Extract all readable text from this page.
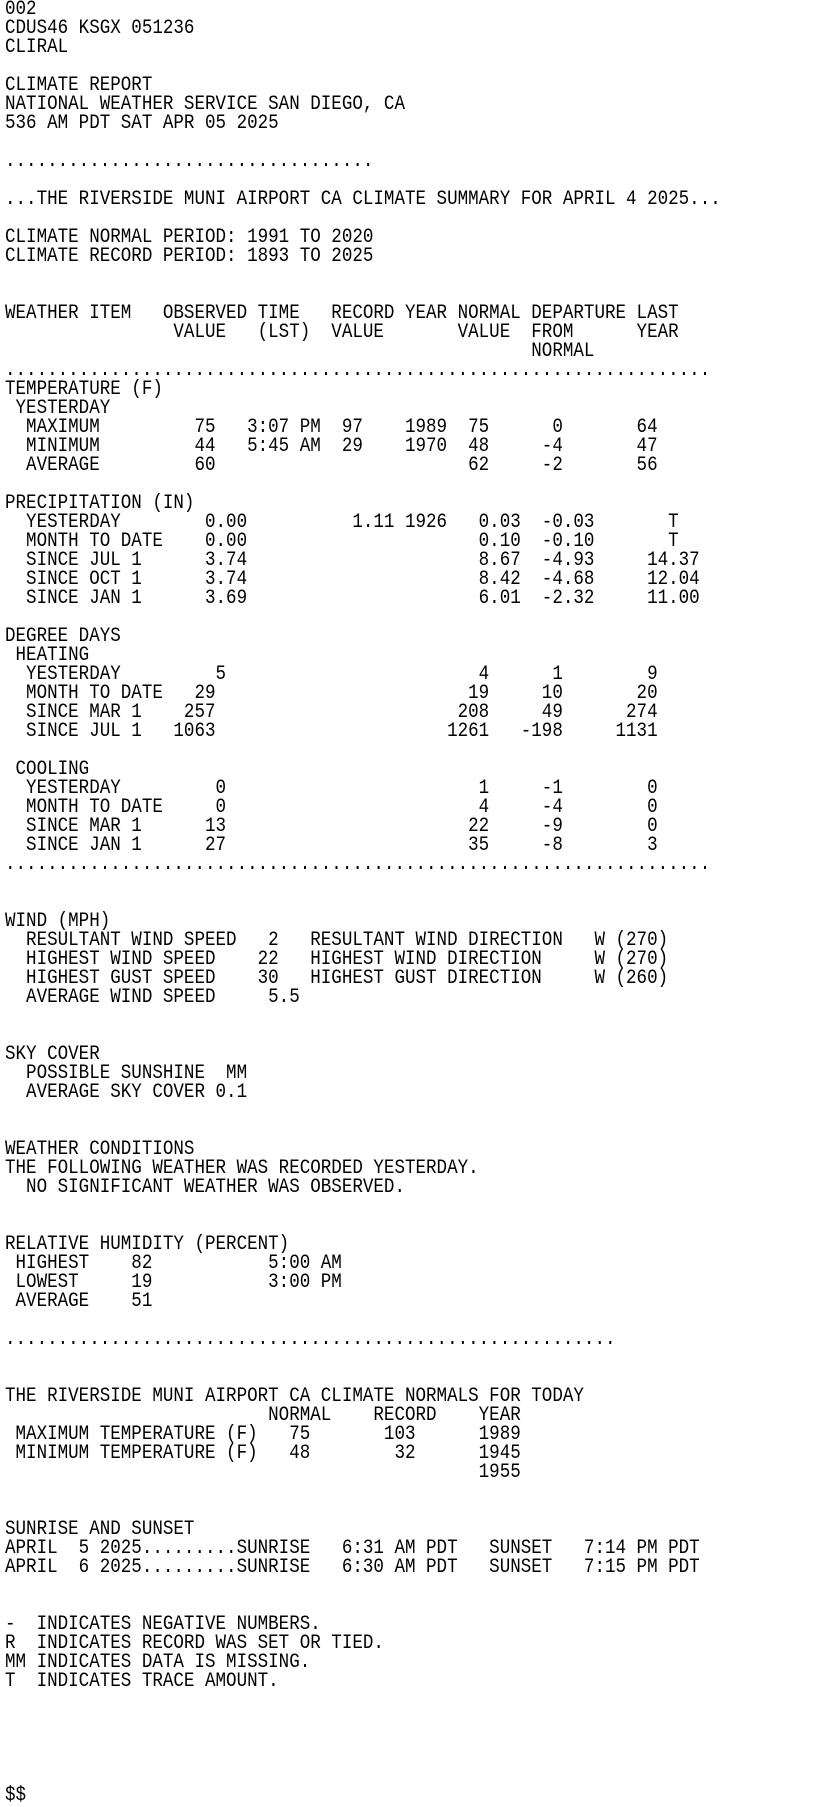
002
CDUS46 KSGX 051236
CLIRAL
CLIMATE REPORT
NATIONAL WEATHER SERVICE SAN DIEGO, CA
536 AM PDT SAT APR 05 2025
...................................
...THE RIVERSIDE MUNI AIRPORT CA CLIMATE SUMMARY FOR APRIL 4 2025...
CLIMATE NORMAL PERIOD: 1991 TO 2020
CLIMATE RECORD PERIOD: 1893 TO 2025
WEATHER ITEM   OBSERVED TIME   RECORD YEAR NORMAL DEPARTURE LAST
VALUE   (LST)  VALUE       VALUE  FROM      YEAR
NORMAL
...................................................................
TEMPERATURE (F)
YESTERDAY
MAXIMUM         75   3:07 PM  97    1989  75      0       64
MINIMUM         44   5:45 AM  29    1970  48     -4       47
AVERAGE         60                        62     -2       56
PRECIPITATION (IN)
YESTERDAY        0.00          1.11 1926   0.03  -0.03       T
MONTH TO DATE    0.00                      0.10  -0.10       T
SINCE JUL 1      3.74                      8.67  -4.93     14.37
SINCE OCT 1      3.74                      8.42  -4.68     12.04
SINCE JAN 1      3.69                      6.01  -2.32     11.00
DEGREE DAYS
HEATING
YESTERDAY         5                        4      1        9
MONTH TO DATE   29                        19     10       20
SINCE MAR 1    257                       208     49      274
SINCE JUL 1   1063                      1261   -198     1131
COOLING
YESTERDAY         0                        1     -1        0
MONTH TO DATE     0                        4     -4        0
SINCE MAR 1      13                       22     -9        0
SINCE JAN 1      27                       35     -8        3
...................................................................
WIND (MPH)
RESULTANT WIND SPEED   2   RESULTANT WIND DIRECTION   W (270)
HIGHEST WIND SPEED    22   HIGHEST WIND DIRECTION     W (270)
HIGHEST GUST SPEED    30   HIGHEST GUST DIRECTION     W (260)
AVERAGE WIND SPEED     5.5
SKY COVER
POSSIBLE SUNSHINE  MM
AVERAGE SKY COVER 0.1
WEATHER CONDITIONS
THE FOLLOWING WEATHER WAS RECORDED YESTERDAY.
NO SIGNIFICANT WEATHER WAS OBSERVED.
RELATIVE HUMIDITY (PERCENT)
HIGHEST    82           5:00 AM
LOWEST     19           3:00 PM
AVERAGE    51
..........................................................
THE RIVERSIDE MUNI AIRPORT CA CLIMATE NORMALS FOR TODAY
NORMAL    RECORD    YEAR
MAXIMUM TEMPERATURE (F)   75       103      1989
MINIMUM TEMPERATURE (F)   48        32      1945
1955
SUNRISE AND SUNSET
APRIL  5 2025.........SUNRISE   6:31 AM PDT   SUNSET   7:14 PM PDT
APRIL  6 2025.........SUNRISE   6:30 AM PDT   SUNSET   7:15 PM PDT
-  INDICATES NEGATIVE NUMBERS.
R  INDICATES RECORD WAS SET OR TIED.
MM INDICATES DATA IS MISSING.
T  INDICATES TRACE AMOUNT.
$$
